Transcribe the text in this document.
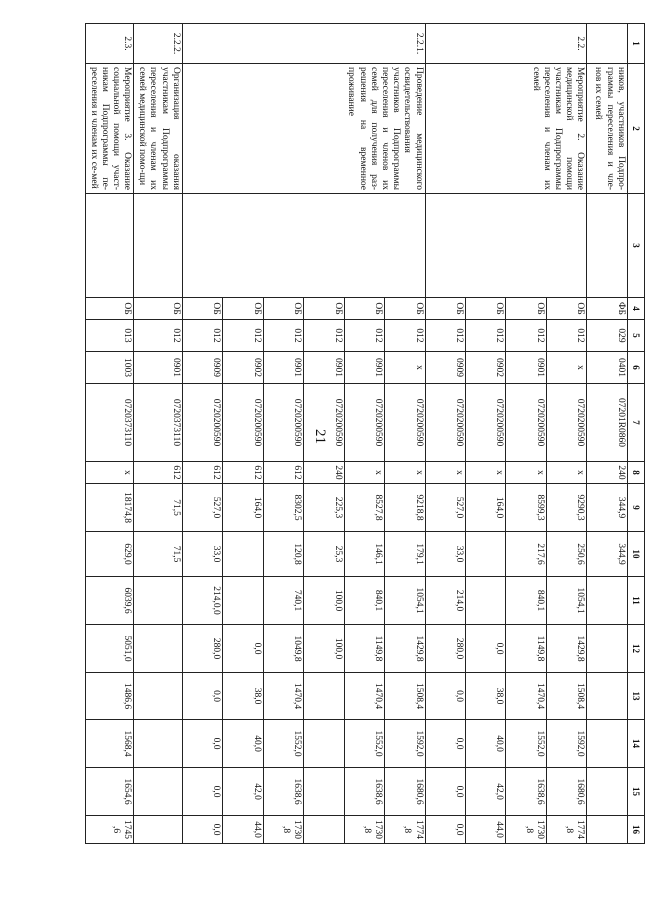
21
1	2	3	4	5	6	7	8	9	10	11	12	13	14	15	16
	ников, участников Подпро-граммы переселения и чле-нов их семей		ФБ	029	0401	07201R0860	240	344,9	344,9						
2.2.	Мероприятие 2. Оказание медицинской помощи участникам Подпрограммы переселения и членам их семей		ОБ	012	x	0720200590	x	9290,3	250,6	1054,1	1429,8	1508,4	1592,0	1680,6	1774,8
			ОБ	012	0901	0720200590	x	8599,3	217,6	840,1	1149,8	1470,4	1552,0	1638,6	1730,8
			ОБ	012	0902	0720200590	x	164,0			0,0	38,0	40,0	42,0	44,0
			ОБ	012	0909	0720200590	x	527,0	33,0	214,0	280,0	0,0	0,0	0,0	0,0
2.2.1.	Проведение медицинского освидетельствования участников Подпрограммы переселения и членов их семей для получения раз-решения на временное проживание		ОБ	012	x	0720200590	x	9218,8	179,1	1054,1	1429,8	1508,4	1592,0	1680,6	1774,8
			ОБ	012	0901	0720200590	x	8527,8	146,1	840,1	1149,8	1470,4	1552,0	1638,6	1730,8
			ОБ	012	0901	0720200590	240	225,3	25,3	100,0	100,0				
			ОБ	012	0901	0720200590	612	8302,5	120,8	740,1	1049,8	1470,4	1552,0	1638,6	1730,8
			ОБ	012	0902	0720200590	612	164,0			0,0	38,0	40,0	42,0	44,0
			ОБ	012	0909	0720200590	612	527,0	33,0	214,0,0	280,0	0,0	0,0	0,0	0,0
2.2.2.	Организация оказания участникам Подпрограммы переселения и членам их семей медицинской помо-щи		ОБ	012	0901	0720373110	612	71,5	71,5						
2.3.	Мероприятие 3. Оказание социальной помощи участ-никам Подпрограммы пе-реселения и членам их се-мей		ОБ	013	1003	0720373110	x	18174,8	629,0	6039,6	5051,0	1486,6	1568,4	1654,6	1745,6
